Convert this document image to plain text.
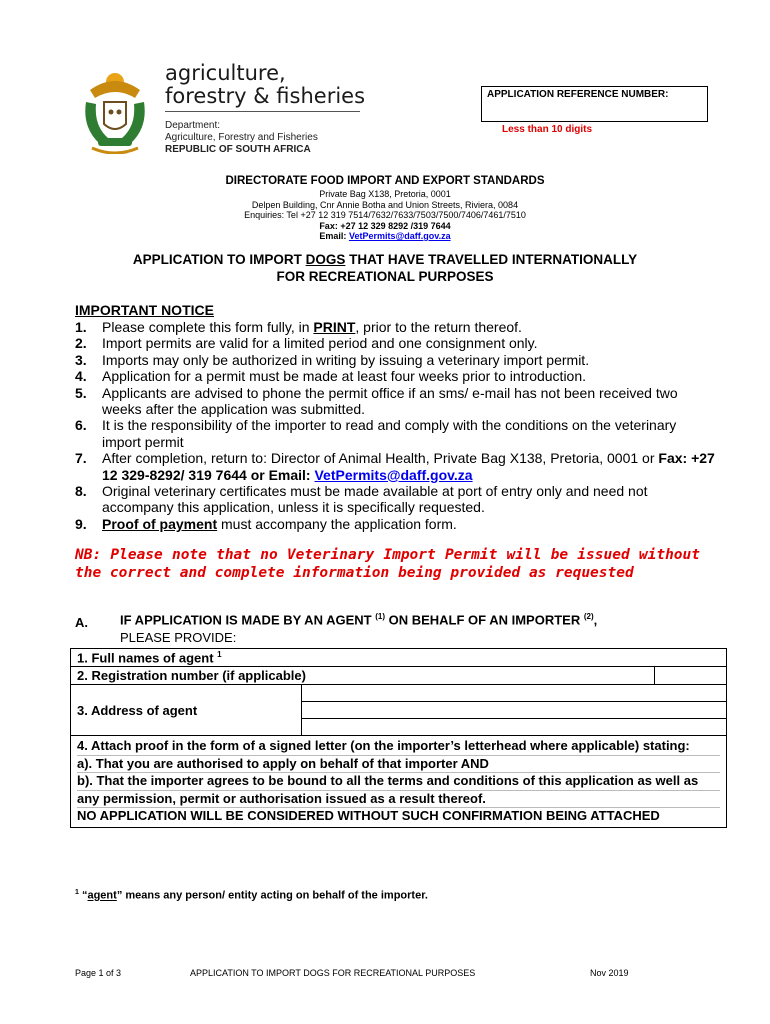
agriculture,
forestry & fisheries
Department:
Agriculture, Forestry and Fisheries
REPUBLIC OF SOUTH AFRICA
APPLICATION REFERENCE NUMBER:
Less than 10 digits
DIRECTORATE FOOD IMPORT AND EXPORT STANDARDS
Private Bag X138, Pretoria, 0001
Delpen Building, Cnr Annie Botha and Union Streets, Riviera, 0084
Enquiries: Tel +27 12 319 7514/7632/7633/7503/7500/7406/7461/7510
Fax: +27 12 329 8292 /319 7644
Email: VetPermits@daff.gov.za
APPLICATION TO IMPORT DOGS THAT HAVE TRAVELLED INTERNATIONALLY
FOR RECREATIONAL PURPOSES
IMPORTANT NOTICE
1.	Please complete this form fully, in PRINT, prior to the return thereof.
2.	Import permits are valid for a limited period and one consignment only.
3.	Imports may only be authorized in writing by issuing a veterinary import permit.
4.	Application for a permit must be made at least four weeks prior to introduction.
5.	Applicants are advised to phone the permit office if an sms/ e-mail has not been received two weeks after the application was submitted.
6.	It is the responsibility of the importer to read and comply with the conditions on the veterinary import permit
7.	After completion, return to: Director of Animal Health, Private Bag X138, Pretoria, 0001 or Fax: +27 12 329-8292/ 319 7644 or Email: VetPermits@daff.gov.za
8.	Original veterinary certificates must be made available at port of entry only and need not accompany this application, unless it is specifically requested.
9.	Proof of payment must accompany the application form.
NB: Please note that no Veterinary Import Permit will be issued without the correct and complete information being provided as requested
A. IF APPLICATION IS MADE BY AN AGENT $^{(1)}$ ON BEHALF OF AN IMPORTER $^{(2)}$,
PLEASE PROVIDE:
1. Full names of agent $^1$
2. Registration number (if applicable)		
3. Address of agent		

4. Attach proof in the form of a signed letter (on the importer’s letterhead where applicable) stating:
a). That you are authorised to apply on behalf of that importer AND
b). That the importer agrees to be bound to all the terms and conditions of this application as well as
any permission, permit or authorisation issued as a result thereof.
NO APPLICATION WILL BE CONSIDERED WITHOUT SUCH CONFIRMATION BEING ATTACHED		
$^1$ “agent” means any person/ entity acting on behalf of the importer.
Page 1 of 3	APPLICATION TO IMPORT DOGS FOR RECREATIONAL PURPOSES	Nov 2019
